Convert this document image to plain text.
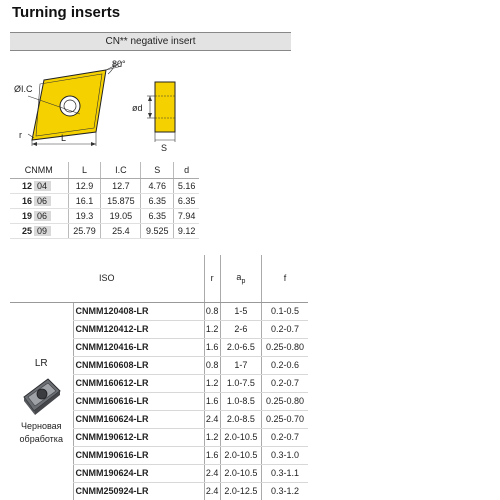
Turning inserts
CN** negative insert
80°
ØI.C
r	L
ød
S
CNMM	L	I.C	S	d
12 04	12.9	12.7	4.76	5.16
16 06	16.1	15.875	6.35	6.35
19 06	19.3	19.05	6.35	7.94
25 09	25.79	25.4	9.525	9.12
ISO		r	$a_p$	f

LR
Черновая
обработка	CNMM120408-LR	0.8	1-5	0.1-0.5
	CNMM120412-LR	1.2	2-6	0.2-0.7
	CNMM120416-LR	1.6	2.0-6.5	0.25-0.80
	CNMM160608-LR	0.8	1-7	0.2-0.6
	CNMM160612-LR	1.2	1.0-7.5	0.2-0.7
	CNMM160616-LR	1.6	1.0-8.5	0.25-0.80
	CNMM160624-LR	2.4	2.0-8.5	0.25-0.70
	CNMM190612-LR	1.2	2.0-10.5	0.2-0.7
	CNMM190616-LR	1.6	2.0-10.5	0.3-1.0
	CNMM190624-LR	2.4	2.0-10.5	0.3-1.1
	CNMM250924-LR	2.4	2.0-12.5	0.3-1.2
